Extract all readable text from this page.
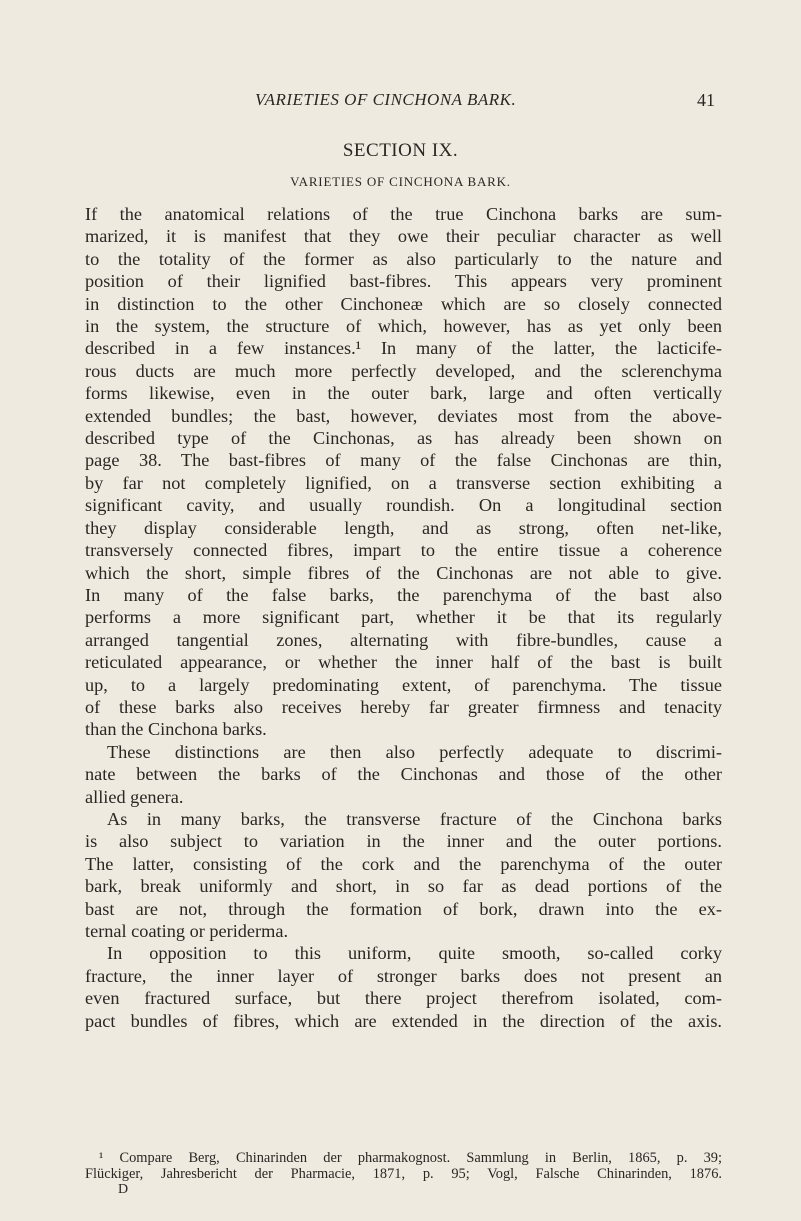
VARIETIES OF CINCHONA BARK.	41
SECTION IX.
VARIETIES OF CINCHONA BARK.
If the anatomical relations of the true Cinchona barks are sum-
marized, it is manifest that they owe their peculiar character as well
to the totality of the former as also particularly to the nature and
position of their lignified bast-fibres. This appears very prominent
in distinction to the other Cinchoneæ which are so closely connected
in the system, the structure of which, however, has as yet only been
described in a few instances.¹ In many of the latter, the lacticife-
rous ducts are much more perfectly developed, and the sclerenchyma
forms likewise, even in the outer bark, large and often vertically
extended bundles; the bast, however, deviates most from the above-
described type of the Cinchonas, as has already been shown on
page 38. The bast-fibres of many of the false Cinchonas are thin,
by far not completely lignified, on a transverse section exhibiting a
significant cavity, and usually roundish. On a longitudinal section
they display considerable length, and as strong, often net-like,
transversely connected fibres, impart to the entire tissue a coherence
which the short, simple fibres of the Cinchonas are not able to give.
In many of the false barks, the parenchyma of the bast also
performs a more significant part, whether it be that its regularly
arranged tangential zones, alternating with fibre-bundles, cause a
reticulated appearance, or whether the inner half of the bast is built
up, to a largely predominating extent, of parenchyma. The tissue
of these barks also receives hereby far greater firmness and tenacity
than the Cinchona barks.
These distinctions are then also perfectly adequate to discrimi-
nate between the barks of the Cinchonas and those of the other
allied genera.
As in many barks, the transverse fracture of the Cinchona barks
is also subject to variation in the inner and the outer portions.
The latter, consisting of the cork and the parenchyma of the outer
bark, break uniformly and short, in so far as dead portions of the
bast are not, through the formation of bork, drawn into the ex-
ternal coating or periderma.
In opposition to this uniform, quite smooth, so-called corky
fracture, the inner layer of stronger barks does not present an
even fractured surface, but there project therefrom isolated, com-
pact bundles of fibres, which are extended in the direction of the axis.
¹ Compare Berg, Chinarinden der pharmakognost. Sammlung in Berlin, 1865, p. 39;
Flückiger, Jahresbericht der Pharmacie, 1871, p. 95; Vogl, Falsche Chinarinden, 1876.
D
